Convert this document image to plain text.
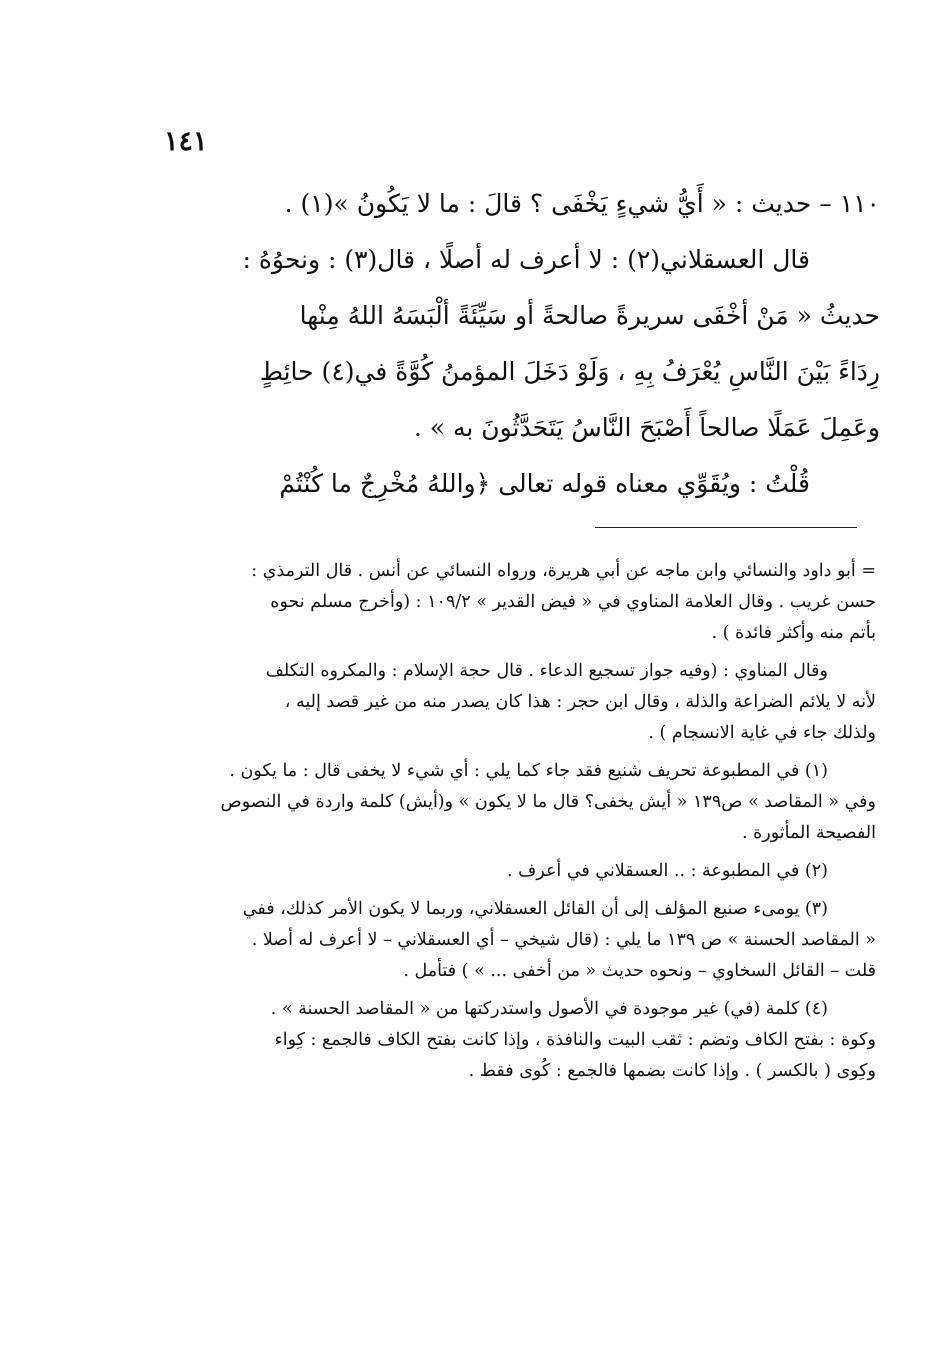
١٤١
١١٠ – حديث : « أَيُّ شيءٍ يَخْفَى ؟ قالَ : ما لا يَكُونُ »(١) .
قال العسقلاني(٢) : لا أعرف له أصلًا ، قال(٣) : ونحوُهُ :
حديثُ « مَنْ أخْفَى سريرةً صالحةً أو سَيِّئَةً ألْبَسَهُ اللهُ مِنْها
رِدَاءً بَيْنَ النَّاسِ يُعْرَفُ بِهِ ، وَلَوْ دَخَلَ المؤمنُ كُوَّةً في(٤) حائِطٍ
وعَمِلَ عَمَلًا صالحاً أَصْبَحَ النَّاسُ يَتَحَدَّثُونَ به » .
قُلْتُ : ويُقَوِّي معناه قوله تعالى ﴿واللهُ مُخْرِجٌ ما كُنْتُمْ
= أبو داود والنسائي وابن ماجه عن أبي هريرة، ورواه النسائي عن أنس . قال الترمذي :
حسن غريب . وقال العلامة المناوي في « فيض القدير » ١٠٩/٢ : (وأخرج مسلم نحوه
بأتم منه وأكثر فائدة ) .
وقال المناوي : (وفيه جواز تسجيع الدعاء . قال حجة الإسلام : والمكروه التكلف
لأنه لا يلائم الضراعة والذلة ، وقال ابن حجر : هذا كان يصدر منه من غير قصد إليه ،
ولذلك جاء في غاية الانسجام ) .
(١) في المطبوعة تحريف شنيع فقد جاء كما يلي : أي شيء لا يخفى قال : ما يكون .
وفي « المقاصد » ص١٣٩ « أيش يخفى؟ قال ما لا يكون » و(أيش) كلمة واردة في النصوص
الفصيحة المأثورة .
(٢) في المطبوعة : .. العسقلاني في أعرف .
(٣) يومىء صنيع المؤلف إلى أن القائل العسقلاني، وربما لا يكون الأمر كذلك، ففي
« المقاصد الحسنة » ص ١٣٩ ما يلي : (قال شيخي – أي العسقلاني – لا أعرف له أصلا .
قلت – القائل السخاوي – ونحوه حديث « من أخفى ... » ) فتأمل .
(٤) كلمة (في) غير موجودة في الأصول واستدركتها من « المقاصد الحسنة » .
وكوة : بفتح الكاف وتضم : ثقب البيت والنافذة ، وإذا كانت بفتح الكاف فالجمع : كِواء
وكِوى ( بالكسر ) . وإذا كانت بضمها فالجمع : كُوى فقط .
